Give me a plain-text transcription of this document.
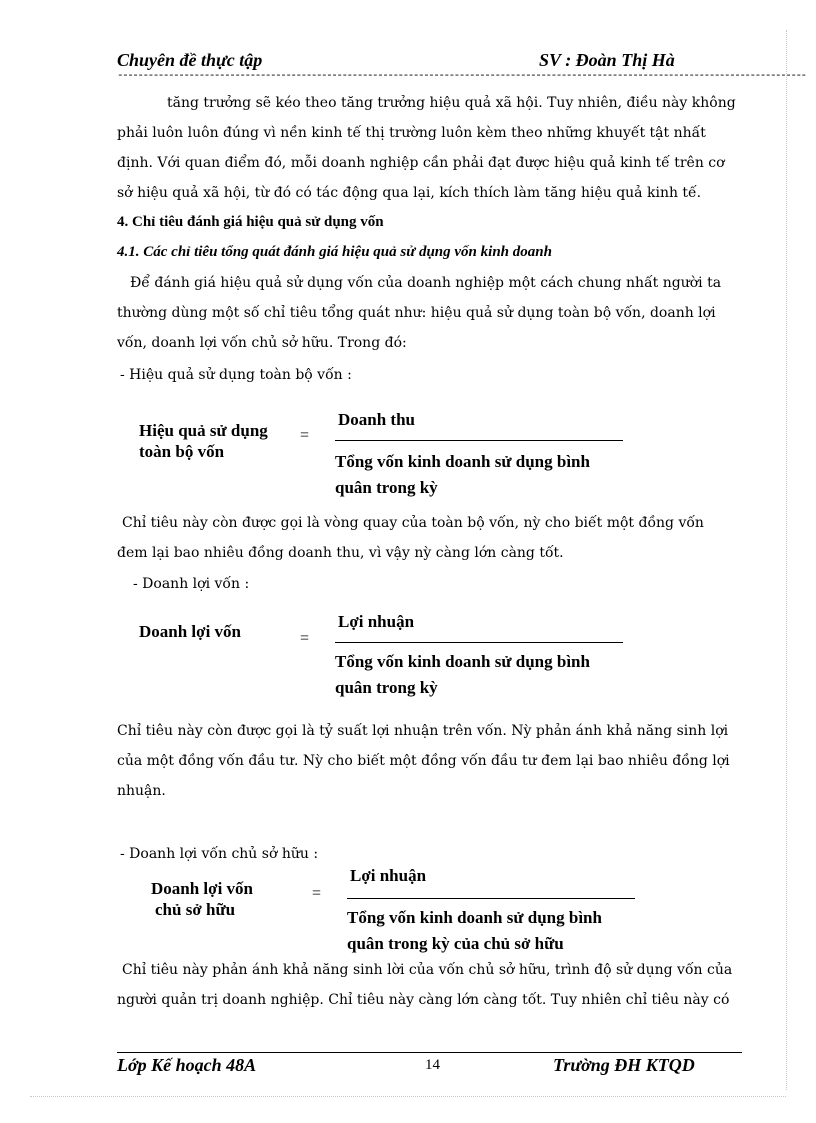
Chuyên đề thực tập	SV : Đoàn Thị Hà
---------------------------------------------------------------------------------------------------------------------------------------

tăng trưởng sẽ kéo theo tăng trưởng hiệu quả xã hội. Tuy nhiên, điều này không

phải luôn luôn đúng vì nền kinh tế thị trường luôn kèm theo những khuyết tật nhất

định. Với quan điểm đó, mỗi doanh nghiệp cần phải đạt được hiệu quả kinh tế trên cơ

sở hiệu quả xã hội, từ đó có tác động qua lại, kích thích làm tăng hiệu quả kinh tế.

4. Chỉ tiêu đánh giá hiệu quả sử dụng vốn
4.1. Các chỉ tiêu tổng quát đánh giá hiệu quả sử dụng vốn kinh doanh

Để đánh giá hiệu quả sử dụng vốn của doanh nghiệp một cách chung nhất người ta

thường dùng một số chỉ tiêu tổng quát như: hiệu quả sử dụng toàn bộ vốn, doanh lợi

vốn, doanh lợi vốn chủ sở hữu. Trong đó:

- Hiệu quả sử dụng toàn bộ vốn :
Hiệu quả sử dụng
toàn bộ vốn
=
Doanh thu
Tổng vốn kinh doanh sử dụng bình
quân trong kỳ

Chỉ tiêu này còn được gọi là vòng quay của toàn bộ vốn, nỳ cho biết một đồng vốn

đem lại bao nhiêu đồng doanh thu, vì vậy nỳ càng lớn càng tốt.

- Doanh lợi vốn :
Doanh lợi vốn	=
Lợi nhuận
Tổng vốn kinh doanh sử dụng bình
quân trong kỳ

Chỉ tiêu này còn được gọi là tỷ suất lợi nhuận trên vốn. Nỳ phản ánh khả năng sinh lợi

của một đồng vốn đầu tư. Nỳ cho biết một đồng vốn đầu tư đem lại bao nhiêu đồng lợi

nhuận.

- Doanh lợi vốn chủ sở hữu :
Doanh lợi vốn
chủ sở hữu
=
Lợi nhuận
Tổng vốn kinh doanh sử dụng bình
quân trong kỳ của chủ sở hữu

Chỉ tiêu này phản ánh khả năng sinh lời của vốn chủ sở hữu, trình độ sử dụng vốn của

người quản trị doanh nghiệp. Chỉ tiêu này càng lớn càng tốt. Tuy nhiên chỉ tiêu này có

Lớp Kế hoạch 48A	14	Trường ĐH KTQD
